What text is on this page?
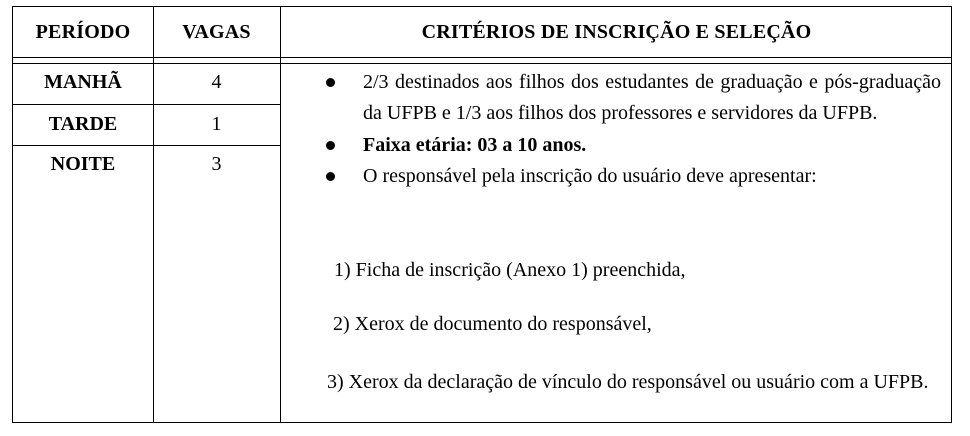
PERÍODO	VAGAS	CRITÉRIOS DE INSCRIÇÃO E SELEÇÃO
MANHÃ
TARDE
NOITE
4
1
3
2/3 destinados aos filhos dos estudantes de graduação e pós-graduação da UFPB e 1/3 aos filhos dos professores e servidores da UFPB.
Faixa etária: 03 a 10 anos.
O responsável pela inscrição do usuário deve apresentar:
1) Ficha de inscrição (Anexo 1) preenchida,
2) Xerox de documento do responsável,
3) Xerox da declaração de vínculo do responsável ou usuário com a UFPB.
